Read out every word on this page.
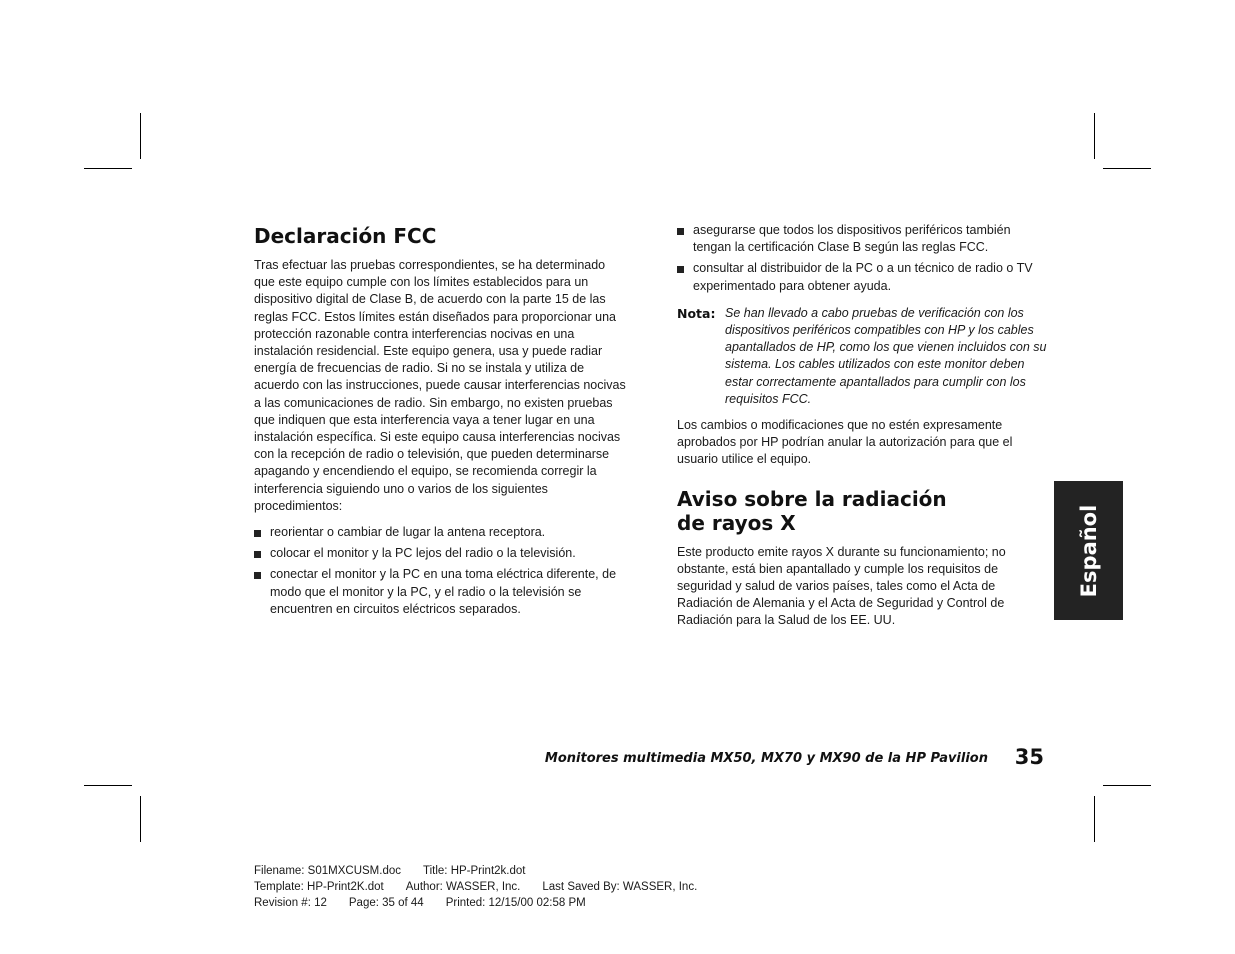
Declaración FCC

Tras efectuar las pruebas correspondientes, se ha determinado que este equipo cumple con los límites establecidos para un dispositivo digital de Clase B, de acuerdo con la parte 15 de las reglas FCC. Estos límites están diseñados para proporcionar una protección razonable contra interferencias nocivas en una instalación residencial. Este equipo genera, usa y puede radiar energía de frecuencias de radio. Si no se instala y utiliza de acuerdo con las instrucciones, puede causar interferencias nocivas a las comunicaciones de radio. Sin embargo, no existen pruebas que indiquen que esta interferencia vaya a tener lugar en una instalación específica. Si este equipo causa interferencias nocivas con la recepción de radio o televisión, que pueden determinarse apagando y encendiendo el equipo, se recomienda corregir la interferencia siguiendo uno o varios de los siguientes procedimientos:

reorientar o cambiar de lugar la antena receptora.
colocar el monitor y la PC lejos del radio o la televisión.
conectar el monitor y la PC en una toma eléctrica diferente, de modo que el monitor y la PC, y el radio o la televisión se encuentren en circuitos eléctricos separados.
asegurarse que todos los dispositivos periféricos también tengan la certificación Clase B según las reglas FCC.
consultar al distribuidor de la PC o a un técnico de radio o TV experimentado para obtener ayuda.
Nota: Se han llevado a cabo pruebas de verificación con los dispositivos periféricos compatibles con HP y los cables apantallados de HP, como los que vienen incluidos con su sistema. Los cables utilizados con este monitor deben estar correctamente apantallados para cumplir con los requisitos FCC.

Los cambios o modificaciones que no estén expresamente aprobados por HP podrían anular la autorización para que el usuario utilice el equipo.

Aviso sobre la radiación
de rayos X

Este producto emite rayos X durante su funcionamiento; no obstante, está bien apantallado y cumple los requisitos de seguridad y salud de varios países, tales como el Acta de Radiación de Alemania y el Acta de Seguridad y Control de Radiación para la Salud de los EE. UU.

Español
Monitores multimedia MX50, MX70 y MX90 de la HP Pavilion	35
Filename: S01MXCUSM.doc Title: HP-Print2k.dot
Template: HP-Print2K.dot Author: WASSER, Inc. Last Saved By: WASSER, Inc.
Revision #: 12 Page: 35 of 44 Printed: 12/15/00 02:58 PM
